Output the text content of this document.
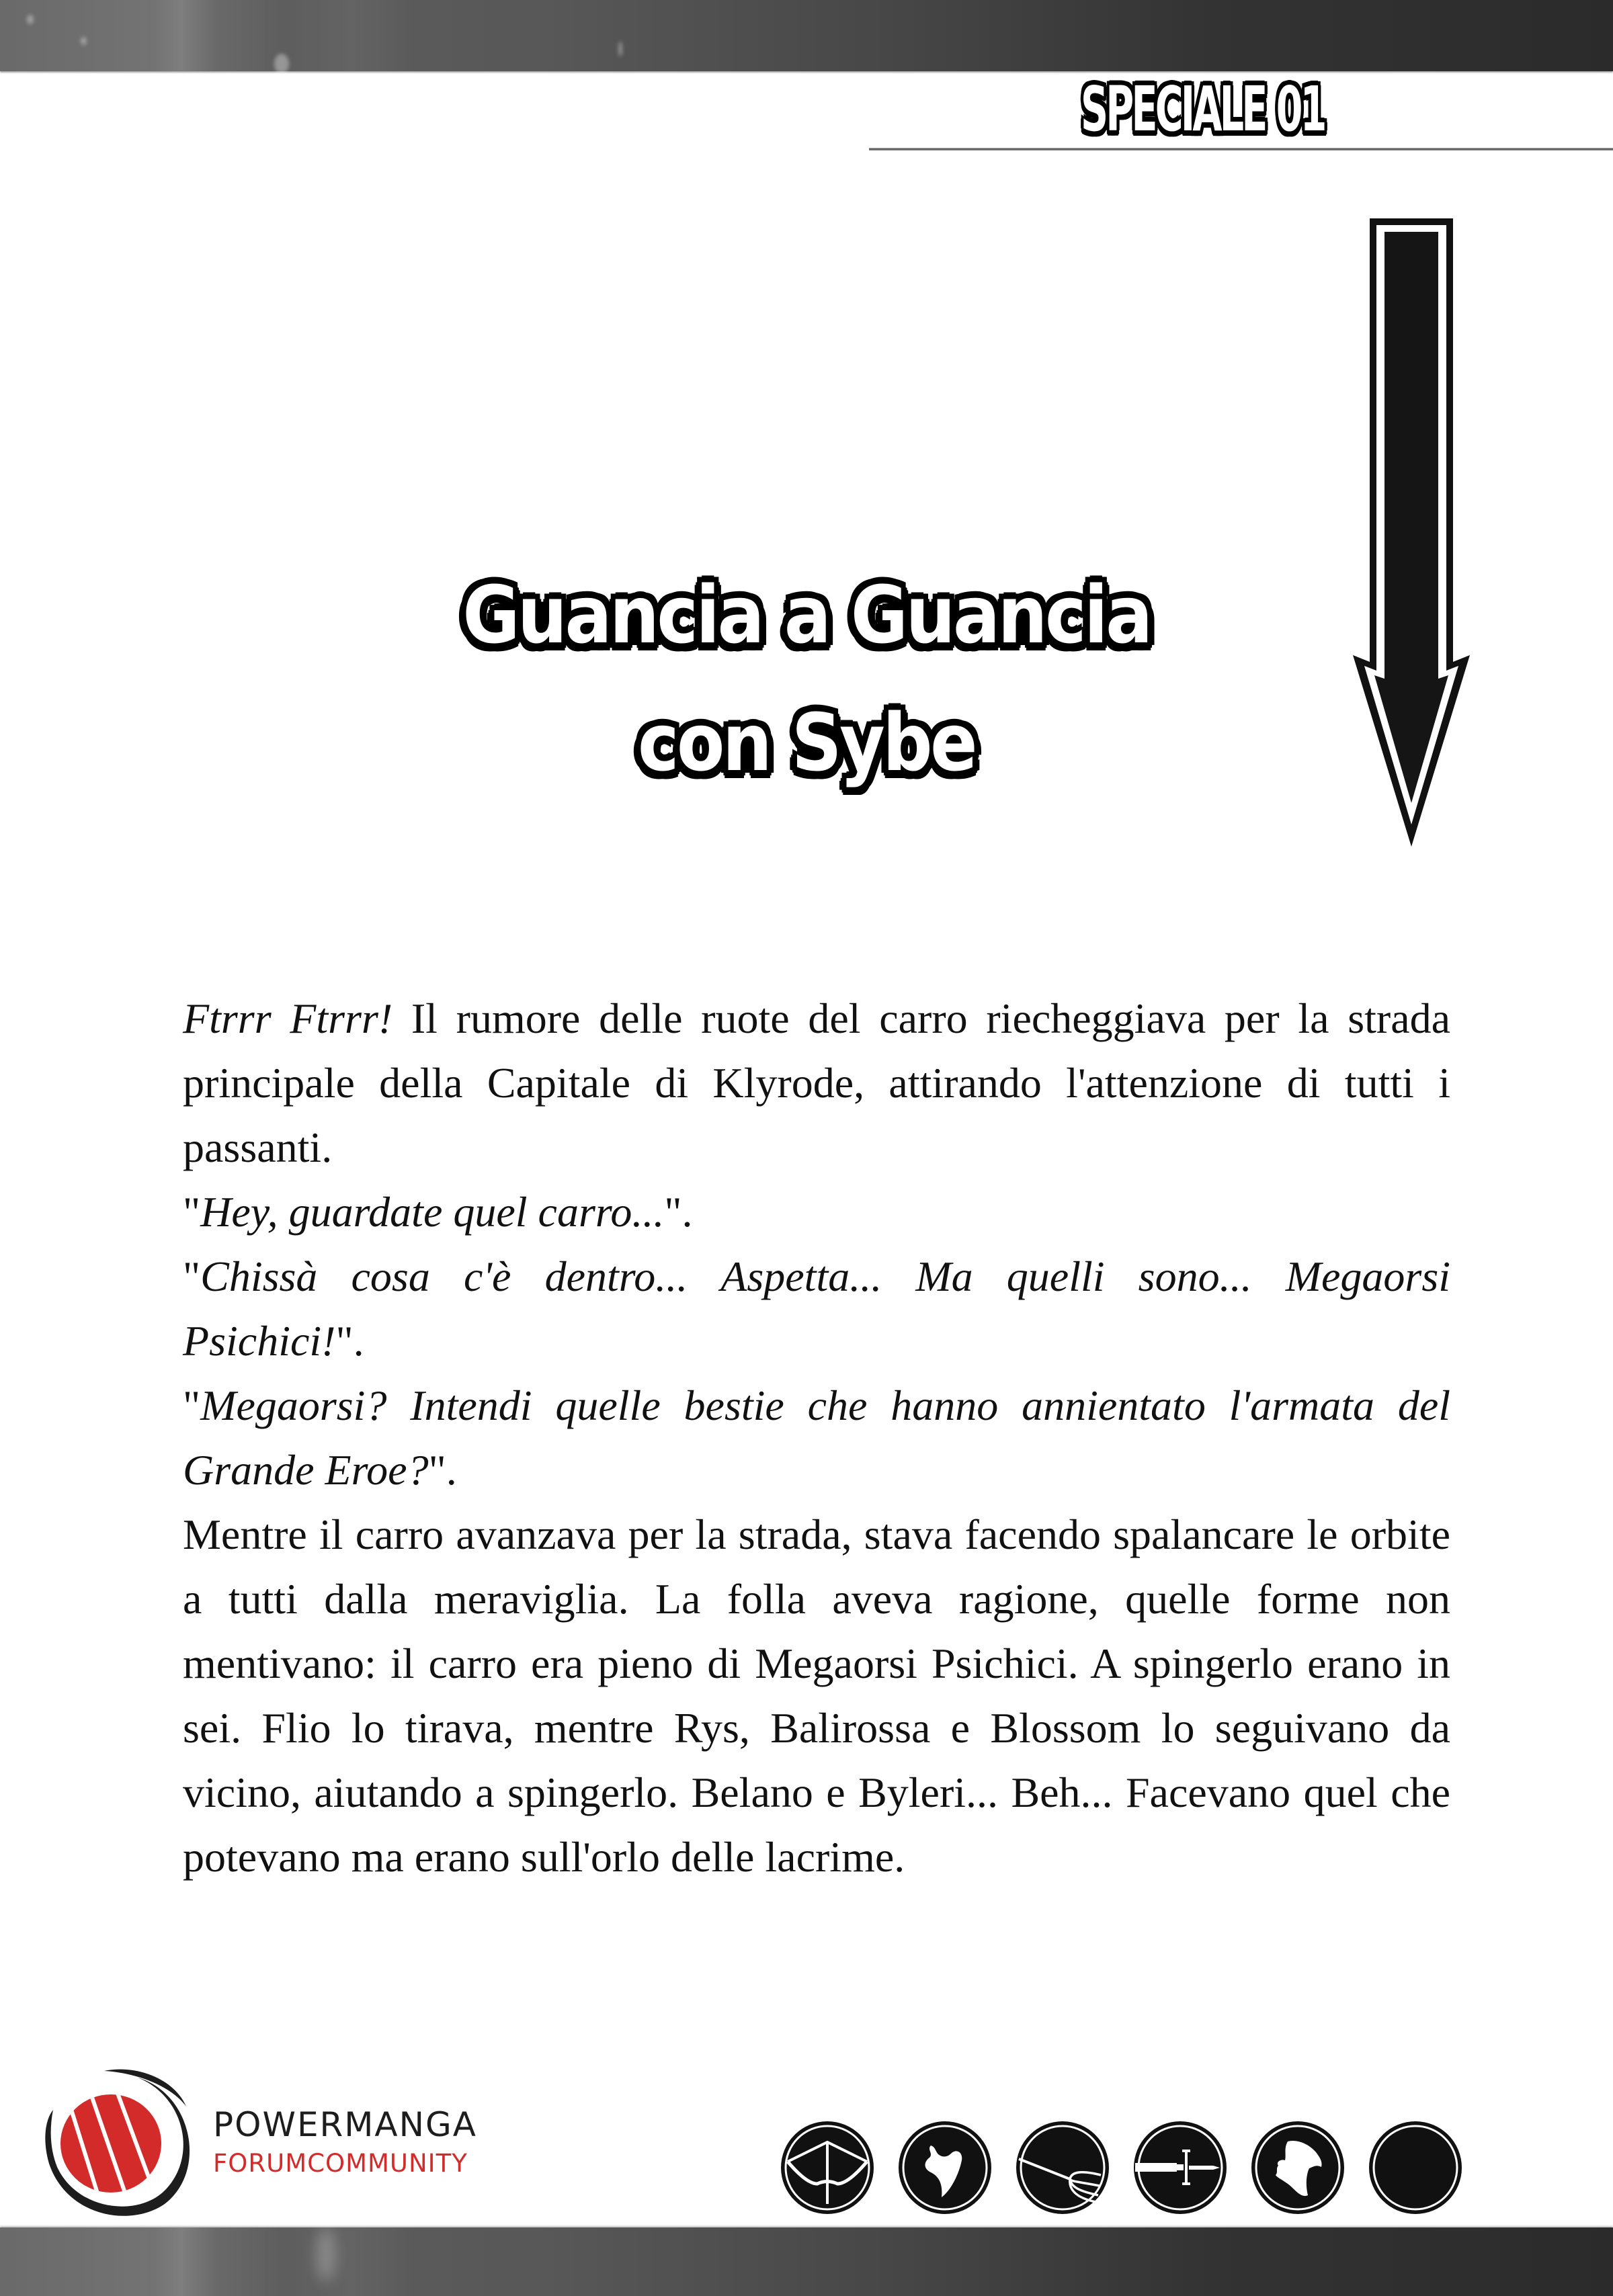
SPECIALE 01
Guancia a Guancia
con Sybe

Ftrrr Ftrrr! Il rumore delle ruote del carro riecheggiava per la strada principale della Capitale di Klyrode, attirando l'attenzione di tutti i passanti.

"Hey, guardate quel carro...".

"Chissà cosa c'è dentro... Aspetta... Ma quelli sono... Megaorsi Psichici!".

"Megaorsi? Intendi quelle bestie che hanno annientato l'armata del Grande Eroe?".

Mentre il carro avanzava per la strada, stava facendo spalancare le orbite a tutti dalla meraviglia. La folla aveva ragione, quelle forme non mentivano: il carro era pieno di Megaorsi Psichici. A spingerlo erano in sei. Flio lo tirava, mentre Rys, Balirossa e Blossom lo seguivano da vicino, aiutando a spingerlo. Belano e Byleri... Beh... Facevano quel che potevano ma erano sull'orlo delle lacrime.

POWERMANGA
FORUMCOMMUNITY
